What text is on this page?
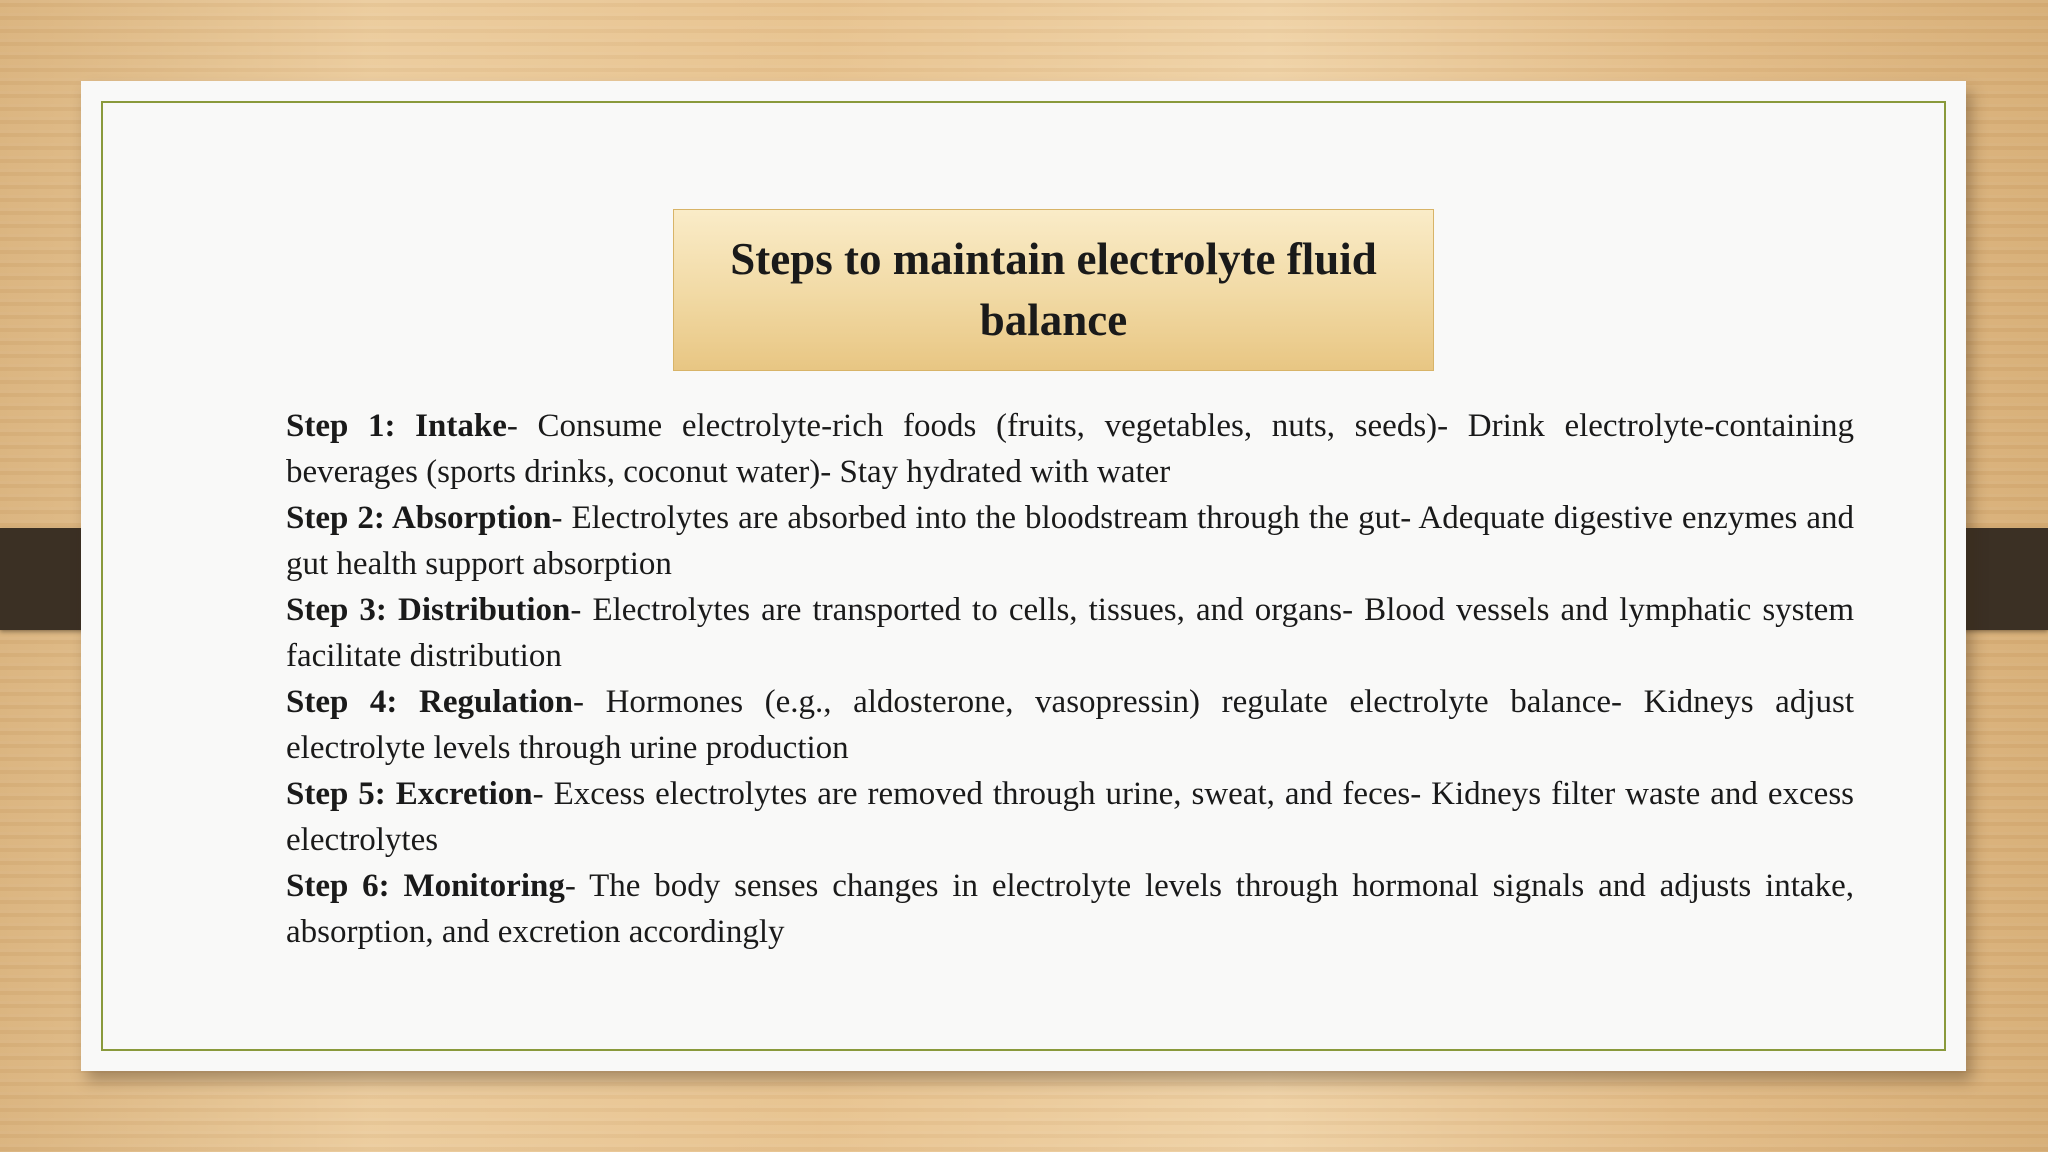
Steps to maintain electrolyte fluid balance

Step 1: Intake- Consume electrolyte-rich foods (fruits, vegetables, nuts, seeds)- Drink electrolyte-containing beverages (sports drinks, coconut water)- Stay hydrated with water

Step 2: Absorption- Electrolytes are absorbed into the bloodstream through the gut- Adequate digestive enzymes and gut health support absorption

Step 3: Distribution- Electrolytes are transported to cells, tissues, and organs- Blood vessels and lymphatic system facilitate distribution

Step 4: Regulation- Hormones (e.g., aldosterone, vasopressin) regulate electrolyte balance- Kidneys adjust electrolyte levels through urine production

Step 5: Excretion- Excess electrolytes are removed through urine, sweat, and feces- Kidneys filter waste and excess electrolytes

Step 6: Monitoring- The body senses changes in electrolyte levels through hormonal signals and adjusts intake, absorption, and excretion accordingly
